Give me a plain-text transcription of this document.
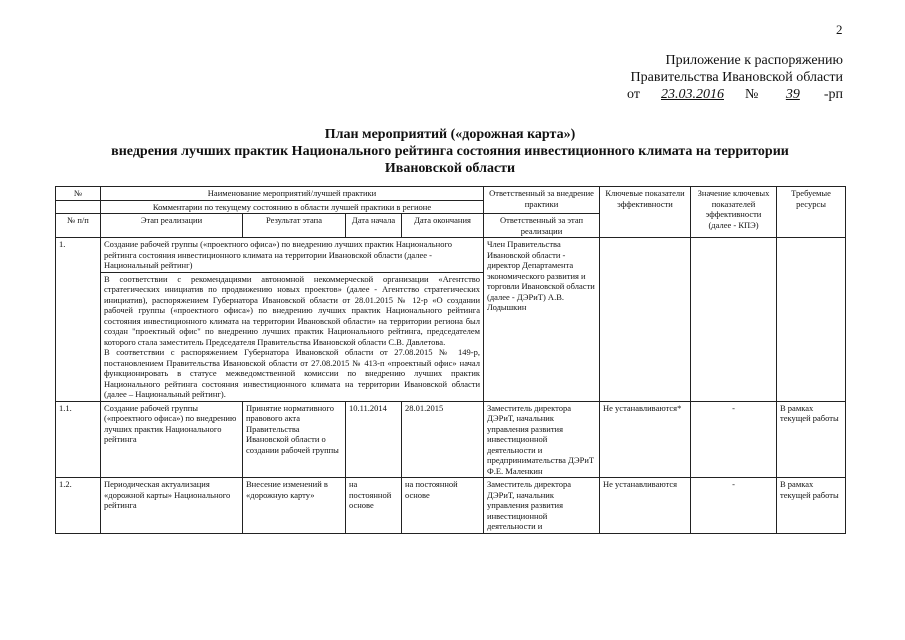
2
Приложение к распоряжению
Правительства Ивановской области
от 23.03.2016 № 39 -рп
План мероприятий («дорожная карта»)
внедрения лучших практик Национального рейтинга состояния инвестиционного климата на территории
Ивановской области
№	Наименование мероприятий/лучшей практики				Ответственный за внедрение практики	Ключевые показатели эффективности	Значение ключевых показателей эффективности (далее - КПЭ)	Требуемые ресурсы
	Комментарии по текущему состоянию в области лучшей практики в регионе							
№ п/п	Этап реализации	Результат этапа	Дата начала	Дата окончания	Ответственный за этап реализации			
1.	Создание рабочей группы («проектного офиса») по внедрению лучших практик Национального рейтинга состояния инвестиционного климата на территории Ивановской области (далее - Национальный рейтинг)				Член Правительства Ивановской области - директор Департамента экономического развития и торговли Ивановской области (далее - ДЭРиТ) А.В. Лодышкин			

	В соответствии с рекомендациями автономной некоммерческой организации «Агентство стратегических инициатив по продвижению новых проектов» (далее - Агентство стратегических инициатив), распоряжением Губернатора Ивановской области от 28.01.2015 № 12-р «О создании рабочей группы («проектного офиса») по внедрению лучших практик Национального рейтинга состояния инвестиционного климата на территории Ивановской области» на территории региона был создан "проектный офис" по внедрению лучших практик Национального рейтинга, председателем которого стала заместитель Председателя Правительства Ивановской области С.В. Давлетова.
В соответствии с распоряжением Губернатора Ивановской области от 27.08.2015 № 149-р, постановлением Правительства Ивановской области от 27.08.2015 № 413-п «проектный офис» начал функционировать в статусе межведомственной комиссии по внедрению лучших практик Национального рейтинга состояния инвестиционного климата на территории Ивановской области (далее – Национальный рейтинг).							

1.1.	Создание рабочей группы («проектного офиса») по внедрению лучших практик Национального рейтинга	Принятие нормативного правового акта Правительства Ивановской области о создании рабочей группы	10.11.2014	28.01.2015	Заместитель директора ДЭРиТ, начальник управления развития инвестиционной деятельности и предпринимательства ДЭРиТ Ф.Е. Маленкин	Не устанавливаются*	-	В рамках текущей работы
1.2.	Периодическая актуализация «дорожной карты» Национального рейтинга	Внесение изменений в «дорожную карту»	на постоянной основе	на постоянной основе	Заместитель директора ДЭРиТ, начальник управления развития инвестиционной деятельности и	Не устанавливаются	-	В рамках текущей работы
